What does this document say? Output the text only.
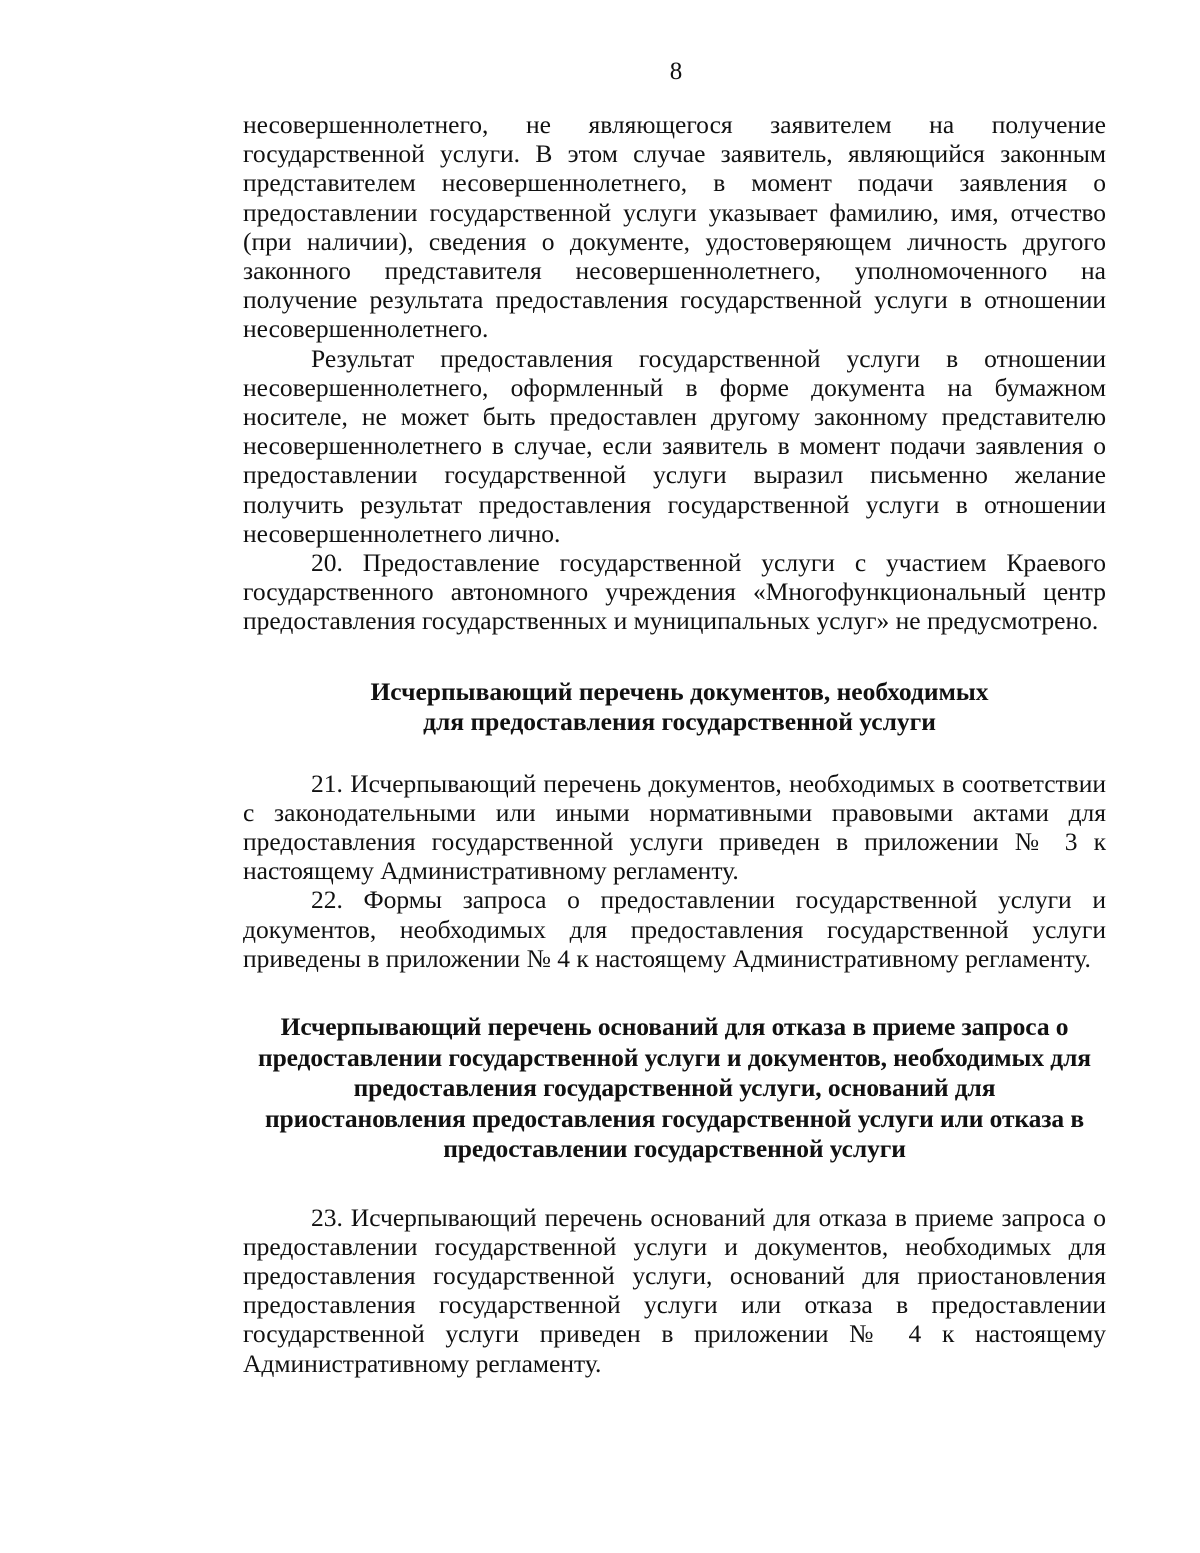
8

несовершеннолетнего, не являющегося заявителем на получение государственной услуги. В этом случае заявитель, являющийся законным представителем несовершеннолетнего, в момент подачи заявления о предоставлении государственной услуги указывает фамилию, имя, отчество (при наличии), сведения о документе, удостоверяющем личность другого законного представителя несовершеннолетнего, уполномоченного на получение результата предоставления государственной услуги в отношении несовершеннолетнего.

Результат предоставления государственной услуги в отношении несовершеннолетнего, оформленный в форме документа на бумажном носителе, не может быть предоставлен другому законному представителю несовершеннолетнего в случае, если заявитель в момент подачи заявления о предоставлении государственной услуги выразил письменно желание получить результат предоставления государственной услуги в отношении несовершеннолетнего лично.

20. Предоставление государственной услуги с участием Краевого государственного автономного учреждения «Многофункциональный центр предоставления государственных и муниципальных услуг» не предусмотрено.

Исчерпывающий перечень документов, необходимых
для предоставления государственной услуги

21. Исчерпывающий перечень документов, необходимых в соответствии с законодательными или иными нормативными правовыми актами для предоставления государственной услуги приведен в приложении № 3 к настоящему Административному регламенту.

22. Формы запроса о предоставлении государственной услуги и документов, необходимых для предоставления государственной услуги приведены в приложении № 4 к настоящему Административному регламенту.

Исчерпывающий перечень оснований для отказа в приеме запроса о
предоставлении государственной услуги и документов, необходимых для
предоставления государственной услуги, оснований для
приостановления предоставления государственной услуги или отказа в
предоставлении государственной услуги

23. Исчерпывающий перечень оснований для отказа в приеме запроса о предоставлении государственной услуги и документов, необходимых для предоставления государственной услуги, оснований для приостановления предоставления государственной услуги или отказа в предоставлении государственной услуги приведен в приложении № 4 к настоящему Административному регламенту.
